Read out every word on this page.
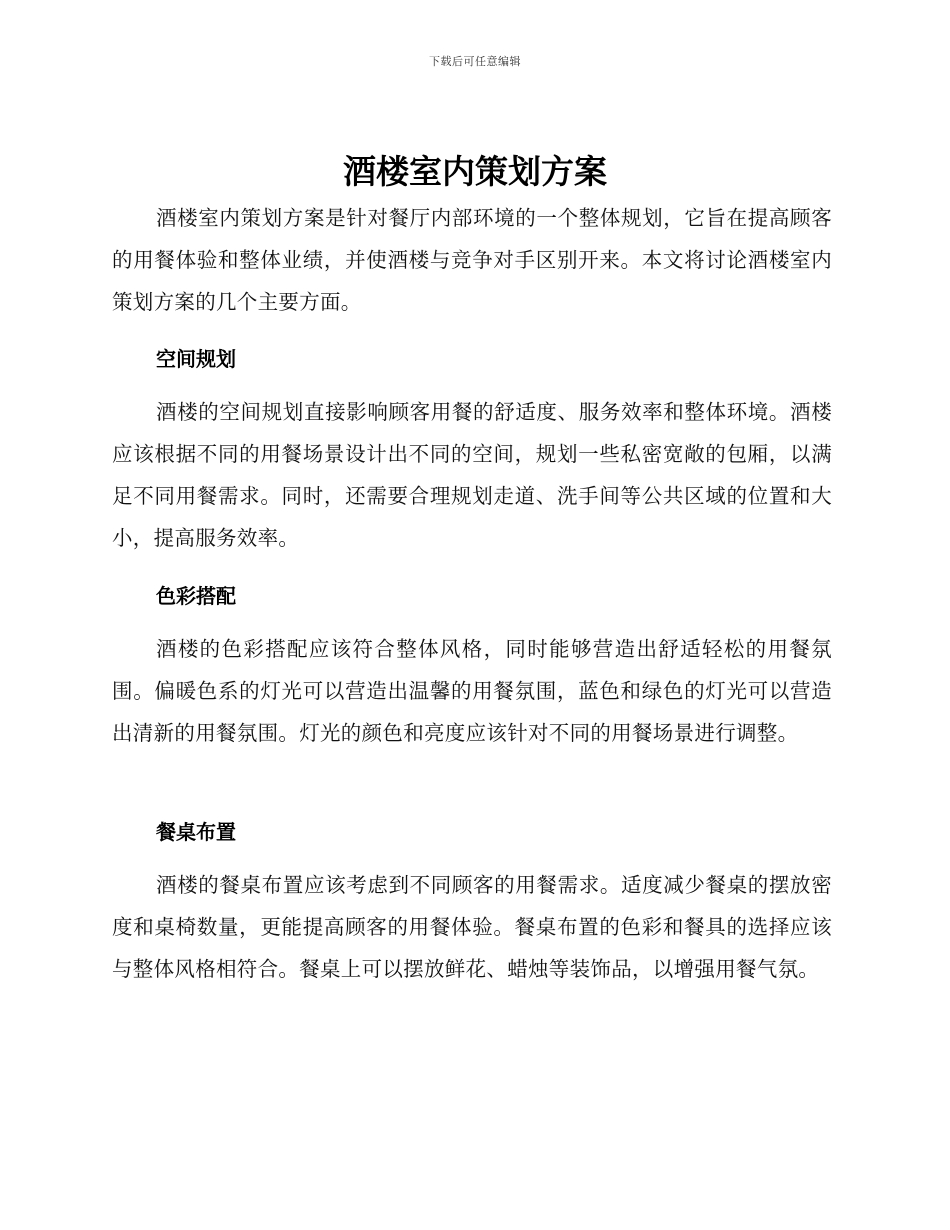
下载后可任意编辑
酒楼室内策划方案

酒楼室内策划方案是针对餐厅内部环境的一个整体规划，它旨在提高顾客的用餐体验和整体业绩，并使酒楼与竞争对手区别开来。本文将讨论酒楼室内策划方案的几个主要方面。

空间规划

酒楼的空间规划直接影响顾客用餐的舒适度、服务效率和整体环境。酒楼应该根据不同的用餐场景设计出不同的空间，规划一些私密宽敞的包厢，以满足不同用餐需求。同时，还需要合理规划走道、洗手间等公共区域的位置和大小，提高服务效率。

色彩搭配

酒楼的色彩搭配应该符合整体风格，同时能够营造出舒适轻松的用餐氛围。偏暖色系的灯光可以营造出温馨的用餐氛围，蓝色和绿色的灯光可以营造出清新的用餐氛围。灯光的颜色和亮度应该针对不同的用餐场景进行调整。

餐桌布置

酒楼的餐桌布置应该考虑到不同顾客的用餐需求。适度减少餐桌的摆放密度和桌椅数量，更能提高顾客的用餐体验。餐桌布置的色彩和餐具的选择应该与整体风格相符合。餐桌上可以摆放鲜花、蜡烛等装饰品，以增强用餐气氛。
